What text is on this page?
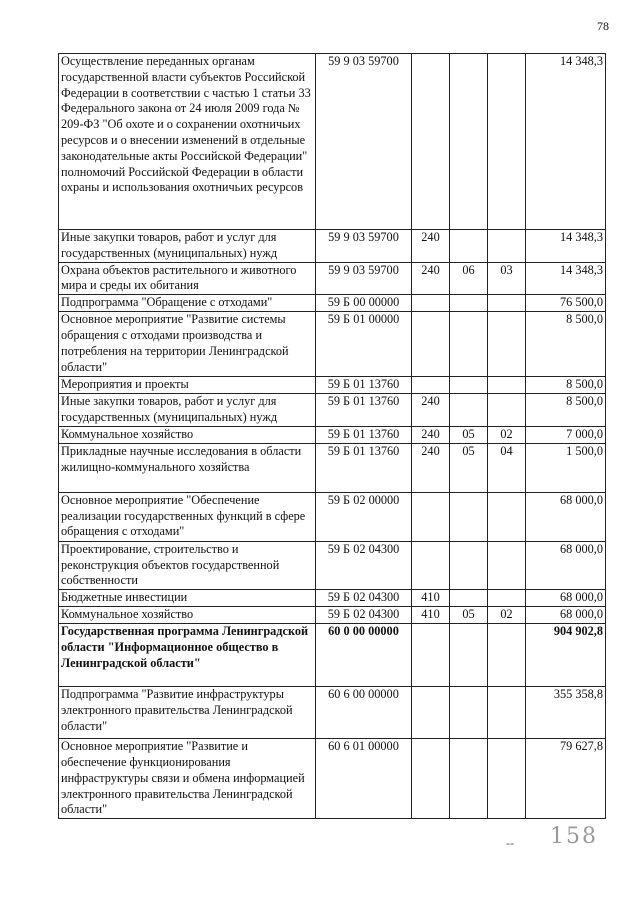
78
Осуществление переданных органам государственной власти субъектов Российской Федерации в соответствии с частью 1 статьи 33 Федерального закона от 24 июля 2009 года № 209-ФЗ "Об охоте и о сохранении охотничьих ресурсов и о внесении изменений в отдельные законодательные акты Российской Федерации" полномочий Российской Федерации в области охраны и использования охотничьих ресурсов	59 9 03 59700				14 348,3
Иные закупки товаров, работ и услуг для государственных (муниципальных) нужд	59 9 03 59700	240			14 348,3
Охрана объектов растительного и животного мира и среды их обитания	59 9 03 59700	240	06	03	14 348,3
Подпрограмма "Обращение с отходами"	59 Б 00 00000				76 500,0
Основное мероприятие "Развитие системы обращения с отходами производства и потребления на территории Ленинградской области"	59 Б 01 00000				8 500,0
Мероприятия и проекты	59 Б 01 13760				8 500,0
Иные закупки товаров, работ и услуг для государственных (муниципальных) нужд	59 Б 01 13760	240			8 500,0
Коммунальное хозяйство	59 Б 01 13760	240	05	02	7 000,0
Прикладные научные исследования в области жилищно-коммунального хозяйства	59 Б 01 13760	240	05	04	1 500,0
Основное мероприятие "Обеспечение реализации государственных функций в сфере обращения с отходами"	59 Б 02 00000				68 000,0
Проектирование, строительство и реконструкция объектов государственной собственности	59 Б 02 04300				68 000,0
Бюджетные инвестиции	59 Б 02 04300	410			68 000,0
Коммунальное хозяйство	59 Б 02 04300	410	05	02	68 000,0
Государственная программа Ленинградской области "Информационное общество в Ленинградской области"	60 0 00 00000				904 902,8
Подпрограмма "Развитие инфраструктуры электронного правительства Ленинградской области"	60 6 00 00000				355 358,8
Основное мероприятие "Развитие и обеспечение функционирования инфраструктуры связи и обмена информацией электронного правительства Ленинградской области"	60 6 01 00000				79 627,8
-- 158
